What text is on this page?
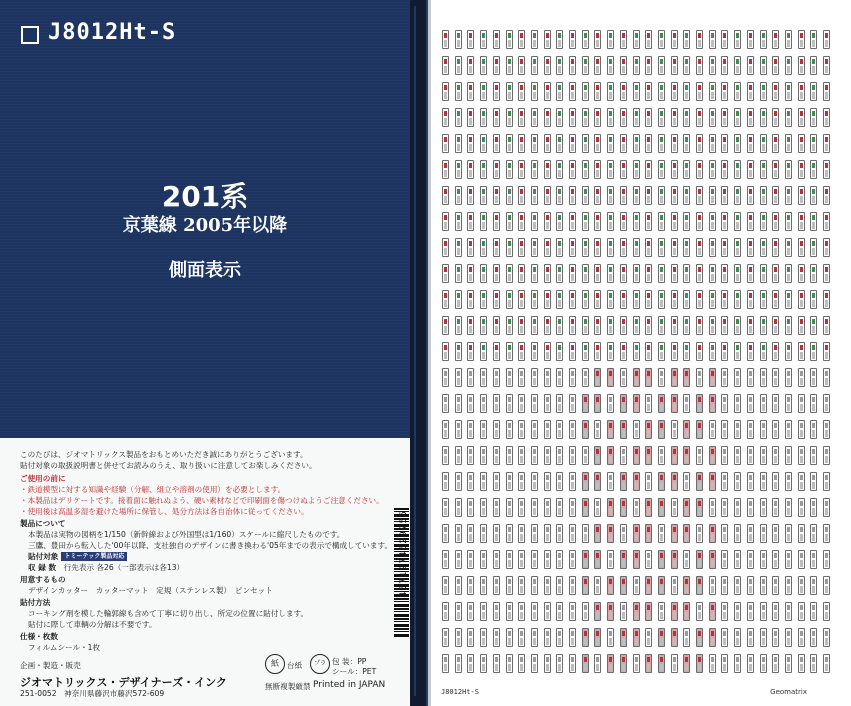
J8012Ht-S
201系
京葉線 2005年以降
側面表示
このたびは、ジオマトリックス製品をおもとめいただき誠にありがとうございます。
貼付対象の取扱説明書と併せてお読みのうえ、取り扱いに注意してお楽しみください。
ご使用の前に
・鉄道模型に対する知識や経験（分解、組立や溶剤の使用）を必要とします。
・本製品はデリケートです。接着面に触れぬよう、硬い素材などで印刷面を傷つけぬようご注意ください。
・使用後は高温多湿を避けた場所に保管し、処分方法は各自治体に従ってください。
製品について
本製品は実物の図柄を1/150（新幹線および外国型は1/160）スケールに縮尺したものです。
三鷹、豊田から転入した'00年以降、支社独自のデザインに書き換わる'05年までの表示で構成しています。
貼付対象 トミーテック製品対応
収 録 数　 行先表示 各26（一部表示は各13）
用意するもの
デザインカッター　カッターマット　定規（ステンレス製）　ピンセット
貼付方法
コーキング剤を模した輪郭線も含めて丁寧に切り出し、所定の位置に貼付します。
貼付に際して車輌の分解は不要です。
仕様・枚数
フィルムシール・1枚
企画・製造・販売
ジオマトリックス・デザイナーズ・インク
251-0052　神奈川県藤沢市藤沢572-609
紙	台紙	プラ 包 装：PP
シール：PET
無断複製厳禁 Printed in JAPAN
4571274629755
J8012Ht-S	Geomatrix
